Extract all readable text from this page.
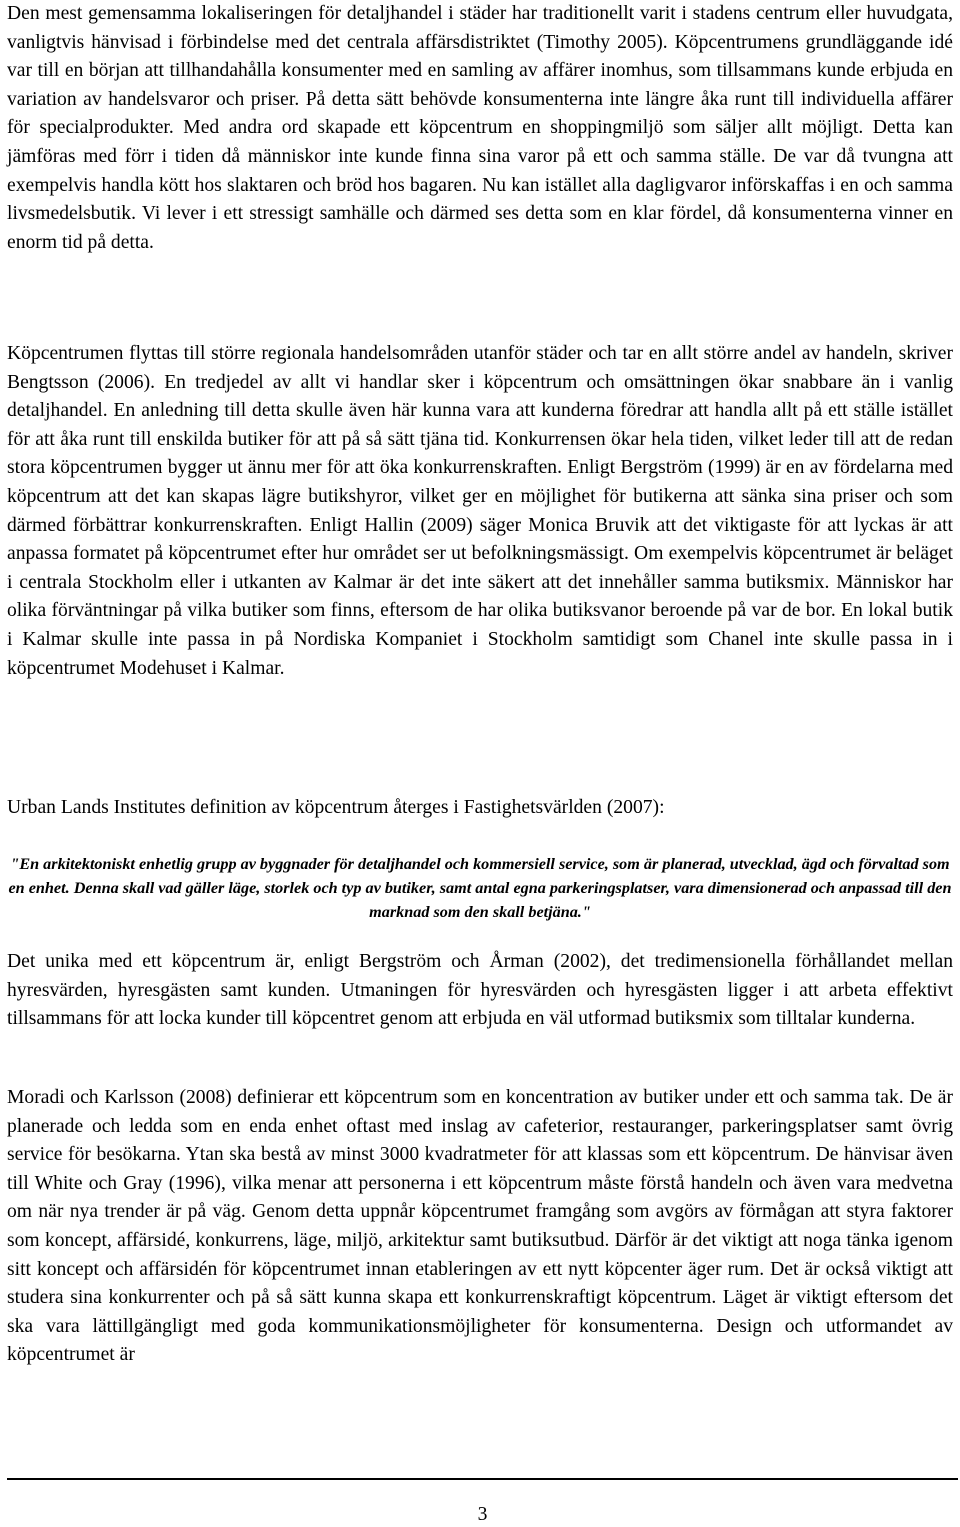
Den mest gemensamma lokaliseringen för detaljhandel i städer har traditionellt varit i stadens centrum eller huvudgata, vanligtvis hänvisad i förbindelse med det centrala affärsdistriktet (Timothy 2005). Köpcentrumens grundläggande idé var till en början att tillhandahålla konsumenter med en samling av affärer inomhus, som tillsammans kunde erbjuda en variation av handelsvaror och priser. På detta sätt behövde konsumenterna inte längre åka runt till individuella affärer för specialprodukter. Med andra ord skapade ett köpcentrum en shoppingmiljö som säljer allt möjligt. Detta kan jämföras med förr i tiden då människor inte kunde finna sina varor på ett och samma ställe. De var då tvungna att exempelvis handla kött hos slaktaren och bröd hos bagaren. Nu kan istället alla dagligvaror införskaffas i en och samma livsmedelsbutik. Vi lever i ett stressigt samhälle och därmed ses detta som en klar fördel, då konsumenterna vinner en enorm tid på detta.

Köpcentrumen flyttas till större regionala handelsområden utanför städer och tar en allt större andel av handeln, skriver Bengtsson (2006). En tredjedel av allt vi handlar sker i köpcentrum och omsättningen ökar snabbare än i vanlig detaljhandel. En anledning till detta skulle även här kunna vara att kunderna föredrar att handla allt på ett ställe istället för att åka runt till enskilda butiker för att på så sätt tjäna tid. Konkurrensen ökar hela tiden, vilket leder till att de redan stora köpcentrumen bygger ut ännu mer för att öka konkurrenskraften. Enligt Bergström (1999) är en av fördelarna med köpcentrum att det kan skapas lägre butikshyror, vilket ger en möjlighet för butikerna att sänka sina priser och som därmed förbättrar konkurrenskraften. Enligt Hallin (2009) säger Monica Bruvik att det viktigaste för att lyckas är att anpassa formatet på köpcentrumet efter hur området ser ut befolkningsmässigt. Om exempelvis köpcentrumet är beläget i centrala Stockholm eller i utkanten av Kalmar är det inte säkert att det innehåller samma butiksmix. Människor har olika förväntningar på vilka butiker som finns, eftersom de har olika butiksvanor beroende på var de bor. En lokal butik i Kalmar skulle inte passa in på Nordiska Kompaniet i Stockholm samtidigt som Chanel inte skulle passa in i köpcentrumet Modehuset i Kalmar.

Urban Lands Institutes definition av köpcentrum återges i Fastighetsvärlden (2007):

"En arkitektoniskt enhetlig grupp av byggnader för detaljhandel och kommersiell service, som är planerad, utvecklad, ägd och förvaltad som en enhet. Denna skall vad gäller läge, storlek och typ av butiker, samt antal egna parkeringsplatser, vara dimensionerad och anpassad till den marknad som den skall betjäna."

Det unika med ett köpcentrum är, enligt Bergström och Årman (2002), det tredimensionella förhållandet mellan hyresvärden, hyresgästen samt kunden. Utmaningen för hyresvärden och hyresgästen ligger i att arbeta effektivt tillsammans för att locka kunder till köpcentret genom att erbjuda en väl utformad butiksmix som tilltalar kunderna.

Moradi och Karlsson (2008) definierar ett köpcentrum som en koncentration av butiker under ett och samma tak. De är planerade och ledda som en enda enhet oftast med inslag av cafeterior, restauranger, parkeringsplatser samt övrig service för besökarna. Ytan ska bestå av minst 3000 kvadratmeter för att klassas som ett köpcentrum. De hänvisar även till White och Gray (1996), vilka menar att personerna i ett köpcentrum måste förstå handeln och även vara medvetna om när nya trender är på väg. Genom detta uppnår köpcentrumet framgång som avgörs av förmågan att styra faktorer som koncept, affärsidé, konkurrens, läge, miljö, arkitektur samt butiksutbud. Därför är det viktigt att noga tänka igenom sitt koncept och affärsidén för köpcentrumet innan etableringen av ett nytt köpcenter äger rum. Det är också viktigt att studera sina konkurrenter och på så sätt kunna skapa ett konkurrenskraftigt köpcentrum. Läget är viktigt eftersom det ska vara lättillgängligt med goda kommunikationsmöjligheter för konsumenterna. Design och utformandet av köpcentrumet är

3
